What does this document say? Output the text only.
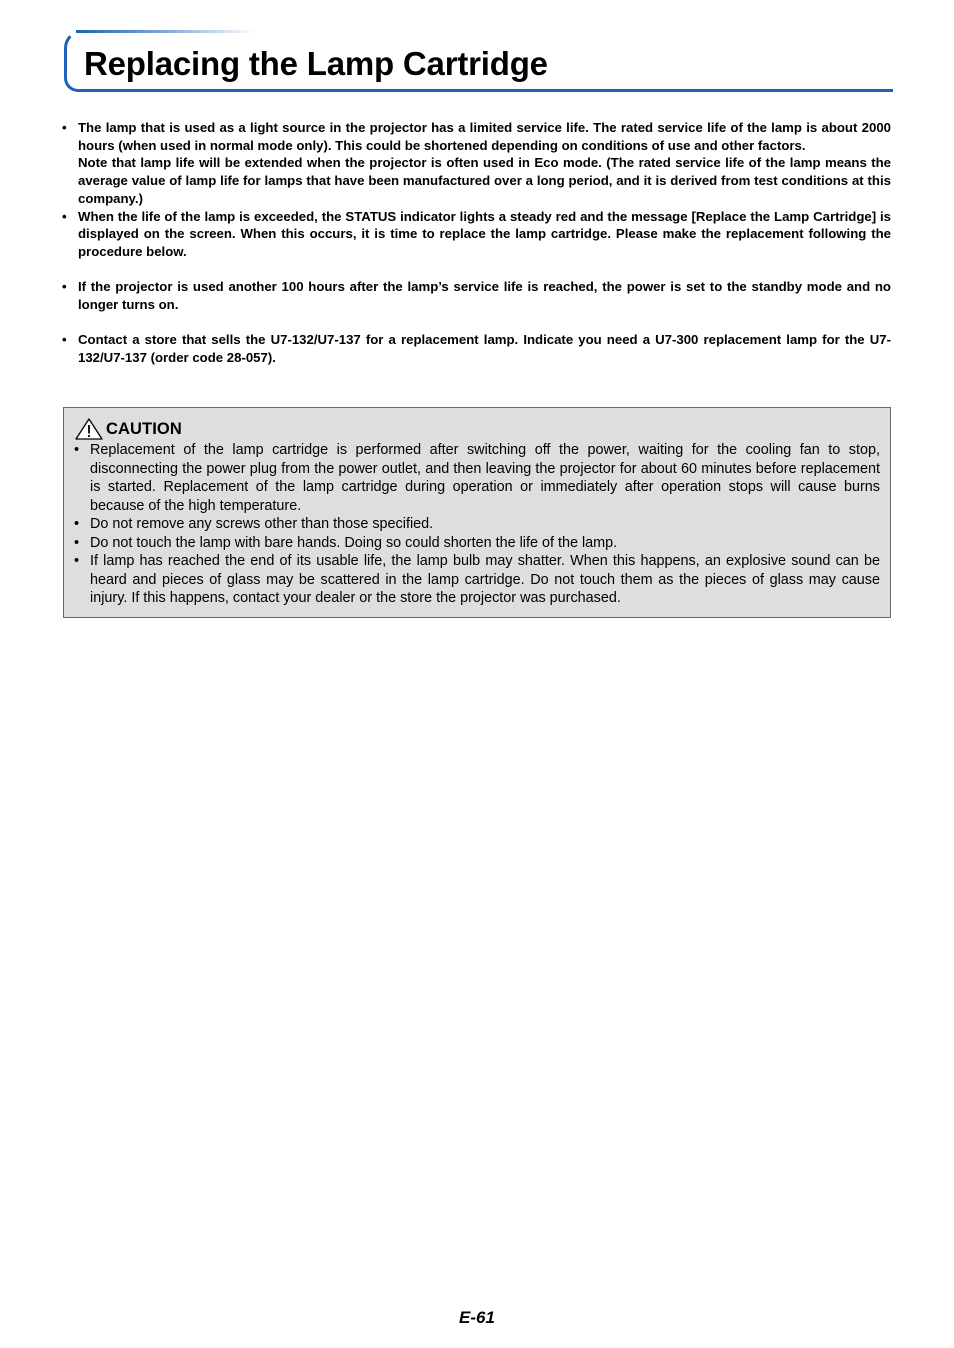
Replacing the Lamp Cartridge
• The lamp that is used as a light source in the projector has a limited service life. The rated service life of the lamp is about 2000 hours (when used in normal mode only). This could be shortened depending on conditions of use and other factors.

Note that lamp life will be extended when the projector is often used in Eco mode. (The rated service life of the lamp means the average value of lamp life for lamps that have been manufactured over a long period, and it is derived from test conditions at this company.)

• When the life of the lamp is exceeded, the STATUS indicator lights a steady red and the message [Replace the Lamp Cartridge] is displayed on the screen. When this occurs, it is time to replace the lamp cartridge. Please make the replacement following the procedure below.

• If the projector is used another 100 hours after the lamp’s service life is reached, the power is set to the standby mode and no longer turns on.

• Contact a store that sells the U7-132/U7-137 for a replacement lamp. Indicate you need a U7-300 replacement lamp for the U7-132/U7-137 (order code 28-057).

CAUTION
• Replacement of the lamp cartridge is performed after switching off the power, waiting for the cooling fan to stop, disconnecting the power plug from the power outlet, and then leaving the projector for about 60 minutes before replacement is started. Replacement of the lamp cartridge during operation or immediately after operation stops will cause burns because of the high temperature.
• Do not remove any screws other than those specified.
• Do not touch the lamp with bare hands. Doing so could shorten the life of the lamp.
• If lamp has reached the end of its usable life, the lamp bulb may shatter. When this happens, an explosive sound can be heard and pieces of glass may be scattered in the lamp cartridge. Do not touch them as the pieces of glass may cause injury. If this happens, contact your dealer or the store the projector was purchased.
E-61
